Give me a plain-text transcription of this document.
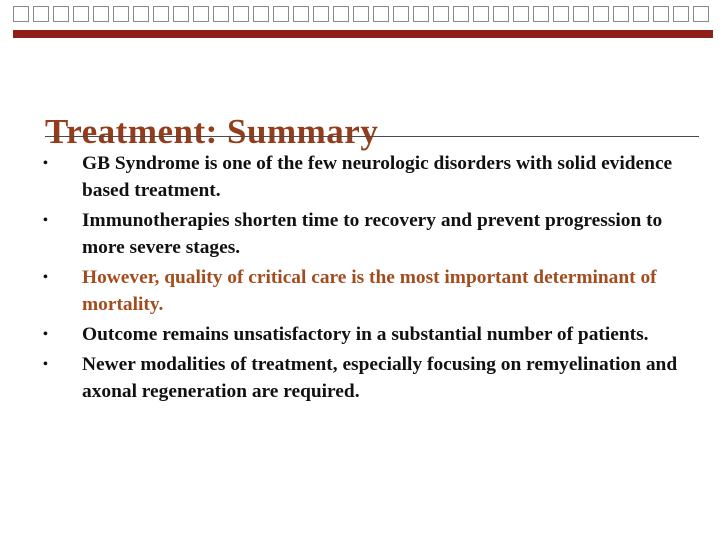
Treatment: Summary
• GB Syndrome is one of the few neurologic disorders with solid evidence based treatment.
• Immunotherapies shorten time to recovery and prevent progression to more severe stages.
• However, quality of critical care is the most important determinant of mortality.
• Outcome remains unsatisfactory in a substantial number of patients.
• Newer modalities of treatment, especially focusing on remyelination and axonal regeneration are required.
